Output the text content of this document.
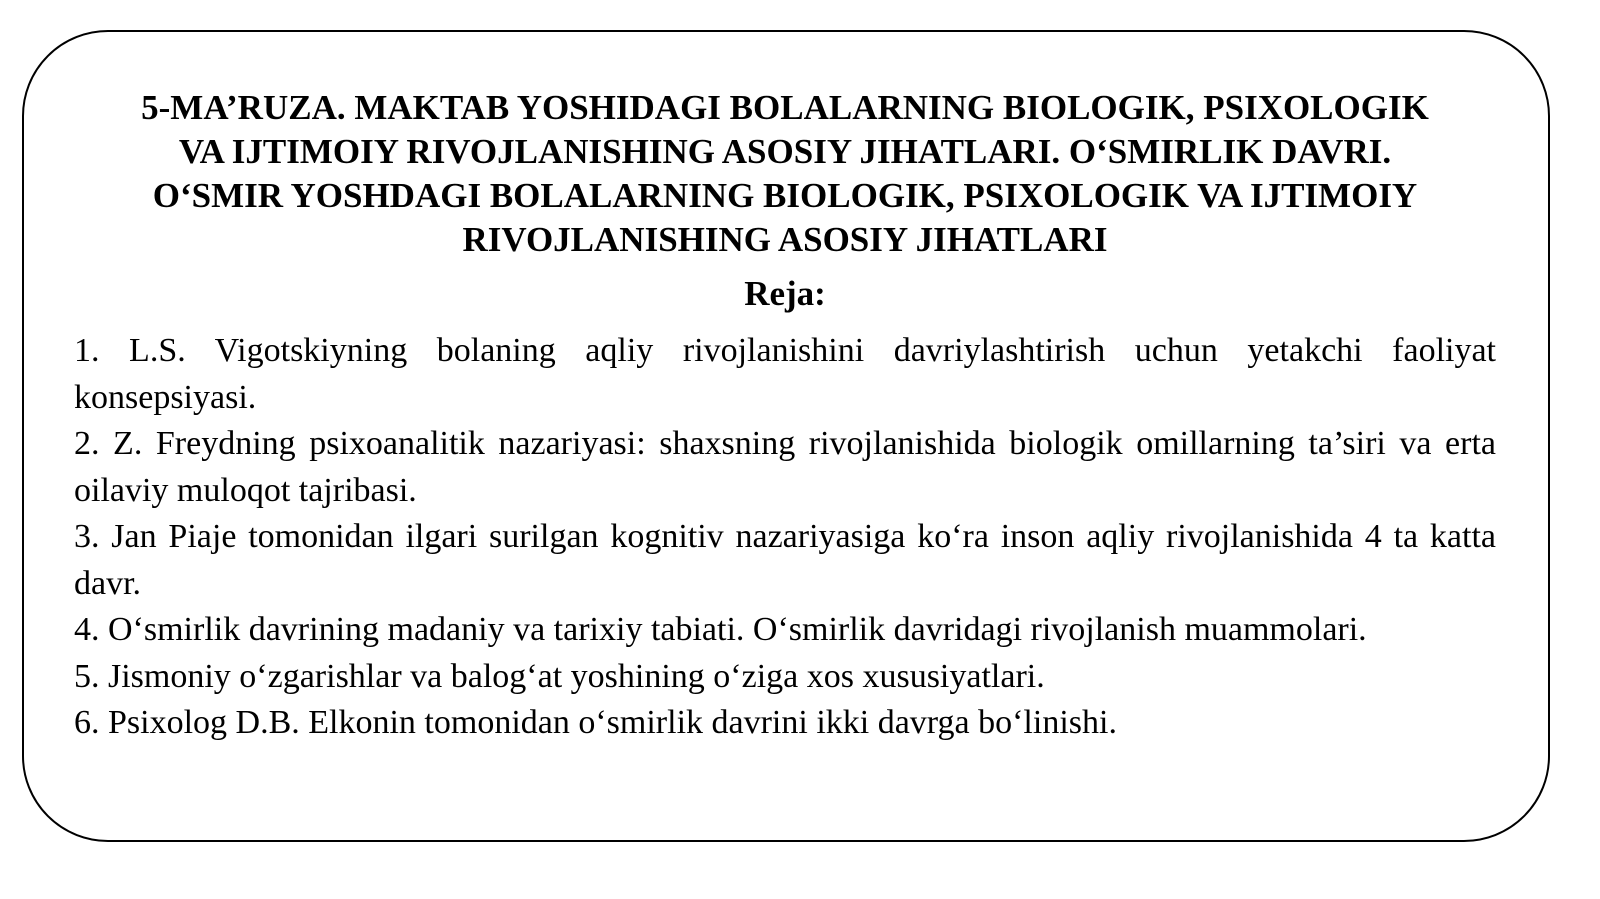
5-MA’RUZA. MAKTAB YOSHIDAGI BOLALARNING BIOLOGIK, PSIXOLOGIK
VA IJTIMOIY RIVOJLANISHING ASOSIY JIHATLARI. O‘SMIRLIK DAVRI.
O‘SMIR YOSHDAGI BOLALARNING BIOLOGIK, PSIXOLOGIK VA IJTIMOIY
RIVOJLANISHING ASOSIY JIHATLARI
Reja:
1. L.S. Vigotskiyning bolaning aqliy rivojlanishini davriylashtirish uchun yetakchi faoliyat konsepsiyasi.
2. Z. Freydning psixoanalitik nazariyasi: shaxsning rivojlanishida biologik omillarning ta’siri va erta oilaviy muloqot tajribasi.
3. Jan Piaje tomonidan ilgari surilgan kognitiv nazariyasiga ko‘ra inson aqliy rivojlanishida 4 ta katta davr.
4. O‘smirlik davrining madaniy va tarixiy tabiati. O‘smirlik davridagi rivojlanish muammolari.
5. Jismoniy o‘zgarishlar va balog‘at yoshining o‘ziga xos xususiyatlari.
6. Psixolog D.B. Elkonin tomonidan o‘smirlik davrini ikki davrga bo‘linishi.
